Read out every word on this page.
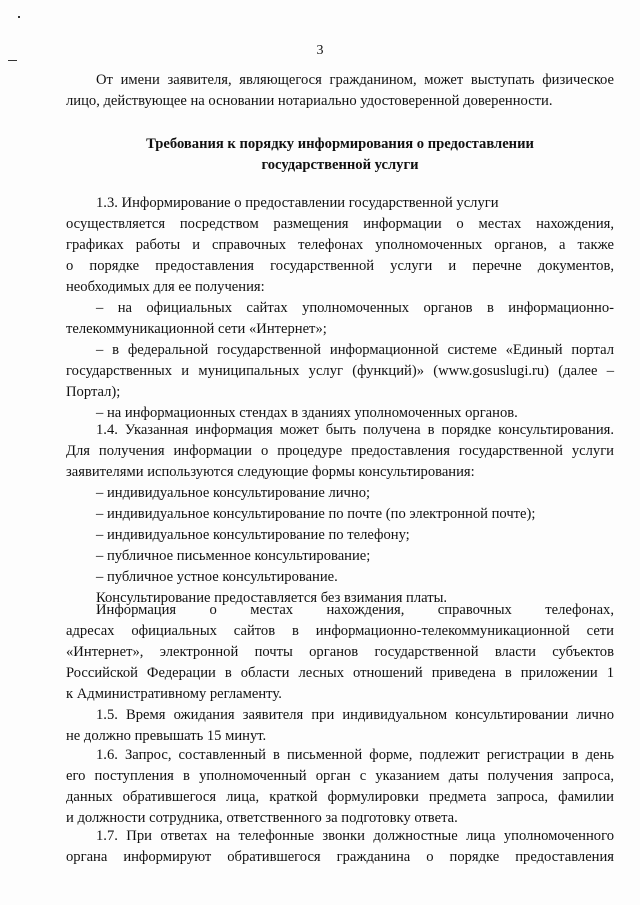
3
От имени заявителя, являющегося гражданином, может выступать физическое
лицо, действующее на основании нотариально удостоверенной доверенности.
Требования к порядку информирования о предоставлении
государственной услуги
1.3. Информирование о предоставлении государственной услуги
осуществляется посредством размещения информации о местах нахождения,
графиках работы и справочных телефонах уполномоченных органов, а также
о порядке предоставления государственной услуги и перечне документов,
необходимых для ее получения:
– на официальных сайтах уполномоченных органов в информационно-
телекоммуникационной сети «Интернет»;
– в федеральной государственной информационной системе «Единый портал
государственных и муниципальных услуг (функций)» (www.gosuslugi.ru) (далее –
Портал);
– на информационных стендах в зданиях уполномоченных органов.
1.4. Указанная информация может быть получена в порядке консультирования.
Для получения информации о процедуре предоставления государственной услуги
заявителями используются следующие формы консультирования:
– индивидуальное консультирование лично;
– индивидуальное консультирование по почте (по электронной почте);
– индивидуальное консультирование по телефону;
– публичное письменное консультирование;
– публичное устное консультирование.
Консультирование предоставляется без взимания платы.
Информация о местах нахождения, справочных телефонах,
адресах официальных сайтов в информационно-телекоммуникационной сети
«Интернет», электронной почты органов государственной власти субъектов
Российской Федерации в области лесных отношений приведена в приложении 1
к Административному регламенту.
1.5. Время ожидания заявителя при индивидуальном консультировании лично
не должно превышать 15 минут.
1.6. Запрос, составленный в письменной форме, подлежит регистрации в день
его поступления в уполномоченный орган с указанием даты получения запроса,
данных обратившегося лица, краткой формулировки предмета запроса, фамилии
и должности сотрудника, ответственного за подготовку ответа.
1.7. При ответах на телефонные звонки должностные лица уполномоченного
органа информируют обратившегося гражданина о порядке предоставления
